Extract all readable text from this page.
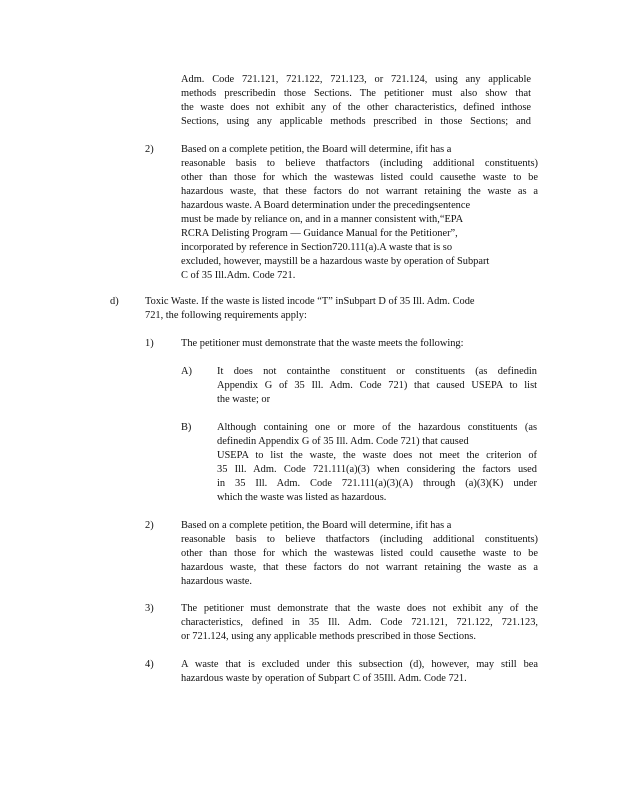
Adm. Code 721.121, 721.122, 721.123, or 721.124, using any applicable
methods prescribedin those Sections. The petitioner must also show that
the waste does not exhibit any of the other characteristics, defined inthose
Sections, using any applicable methods prescribed in those Sections; and
2)	Based on a complete petition, the Board will determine, ifit has a
reasonable basis to believe thatfactors (including additional constituents)
other than those for which the wastewas listed could causethe waste to be
hazardous waste, that these factors do not warrant retaining the waste as a
hazardous waste. A Board determination under the precedingsentence
must be made by reliance on, and in a manner consistent with,“EPA
RCRA Delisting Program — Guidance Manual for the Petitioner”,
incorporated by reference in Section720.111(a).A waste that is so
excluded, however, maystill be a hazardous waste by operation of Subpart
C of 35 Ill.Adm. Code 721.
d)	Toxic Waste. If the waste is listed incode “T” inSubpart D of 35 Ill. Adm. Code
721, the following requirements apply:
1)	The petitioner must demonstrate that the waste meets the following:
A) It does not containthe constituent or constituents (as definedin
Appendix G of 35 Ill. Adm. Code 721) that caused USEPA to list
the waste; or
B) Although containing one or more of the hazardous constituents (as
definedin Appendix G of 35 Ill. Adm. Code 721) that caused
USEPA to list the waste, the waste does not meet the criterion of
35 Ill. Adm. Code 721.111(a)(3) when considering the factors used
in 35 Ill. Adm. Code 721.111(a)(3)(A) through (a)(3)(K) under
which the waste was listed as hazardous.
2)	Based on a complete petition, the Board will determine, ifit has a
reasonable basis to believe thatfactors (including additional constituents)
other than those for which the wastewas listed could causethe waste to be
hazardous waste, that these factors do not warrant retaining the waste as a
hazardous waste.
3)	The petitioner must demonstrate that the waste does not exhibit any of the
characteristics, defined in 35 Ill. Adm. Code 721.121, 721.122, 721.123,
or 721.124, using any applicable methods prescribed in those Sections.
4)	A waste that is excluded under this subsection (d), however, may still bea
hazardous waste by operation of Subpart C of 35Ill. Adm. Code 721.
